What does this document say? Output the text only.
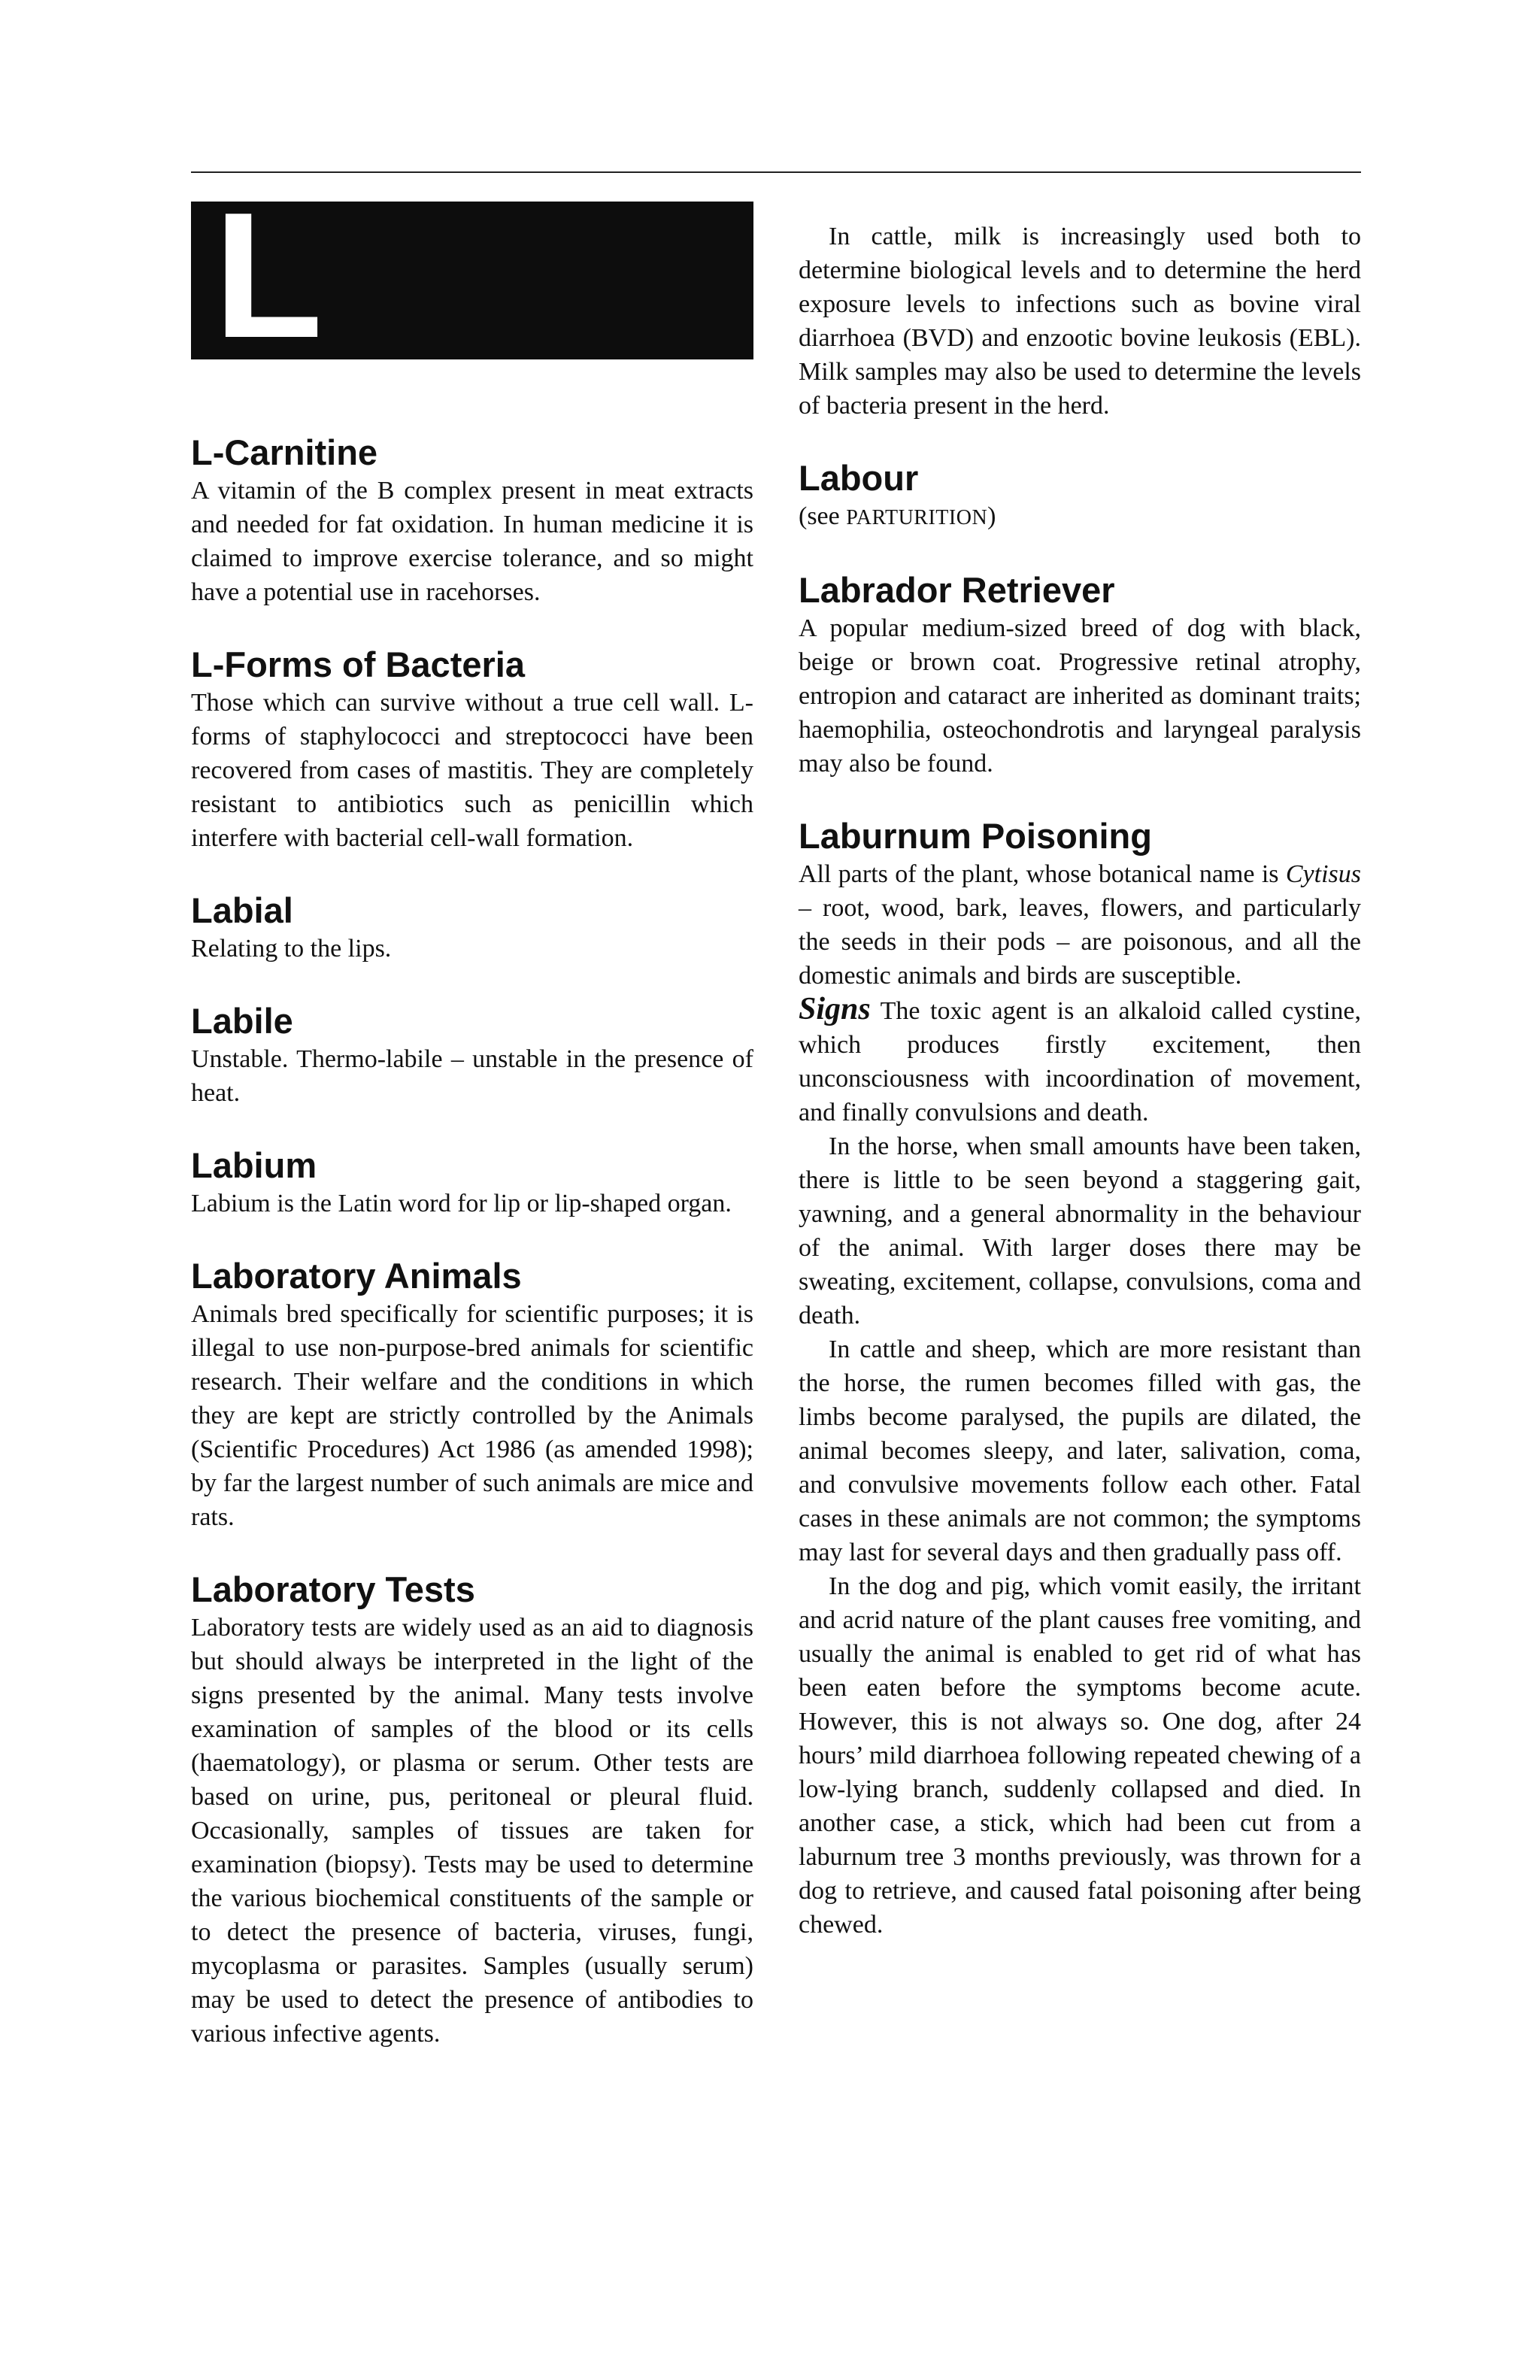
L
L-Carnitine

A vitamin of the B complex present in meat extracts and needed for fat oxidation. In human medicine it is claimed to improve exercise tolerance, and so might have a potential use in racehorses.

L-Forms of Bacteria

Those which can survive without a true cell wall. L-forms of staphylococci and streptococci have been recovered from cases of mastitis. They are completely resistant to antibiotics such as penicillin which interfere with bacterial cell-wall formation.

Labial

Relating to the lips.

Labile

Unstable. Thermo-labile – unstable in the presence of heat.

Labium

Labium is the Latin word for lip or lip-shaped organ.

Laboratory Animals

Animals bred specifically for scientific purposes; it is illegal to use non-purpose-bred animals for scientific research. Their welfare and the conditions in which they are kept are strictly controlled by the Animals (Scientific Procedures) Act 1986 (as amended 1998); by far the largest number of such animals are mice and rats.

Laboratory Tests

Laboratory tests are widely used as an aid to diagnosis but should always be interpreted in the light of the signs presented by the animal. Many tests involve examination of samples of the blood or its cells (haematology), or plasma or serum. Other tests are based on urine, pus, peritoneal or pleural fluid. Occasionally, samples of tissues are taken for examination (biopsy). Tests may be used to determine the various biochemical constituents of the sample or to detect the presence of bacteria, viruses, fungi, mycoplasma or parasites. Samples (usually serum) may be used to detect the presence of antibodies to various infective agents.

In cattle, milk is increasingly used both to determine biological levels and to determine the herd exposure levels to infections such as bovine viral diarrhoea (BVD) and enzootic bovine leukosis (EBL). Milk samples may also be used to determine the levels of bacteria present in the herd.

Labour

(see PARTURITION)

Labrador Retriever

A popular medium-sized breed of dog with black, beige or brown coat. Progressive retinal atrophy, entropion and cataract are inherited as dominant traits; haemophilia, osteochondrotis and laryngeal paralysis may also be found.

Laburnum Poisoning

All parts of the plant, whose botanical name is Cytisus – root, wood, bark, leaves, flowers, and particularly the seeds in their pods – are poisonous, and all the domestic animals and birds are susceptible.

Signs The toxic agent is an alkaloid called cystine, which produces firstly excitement, then unconsciousness with incoordination of movement, and finally convulsions and death.

In the horse, when small amounts have been taken, there is little to be seen beyond a staggering gait, yawning, and a general abnormality in the behaviour of the animal. With larger doses there may be sweating, excitement, collapse, convulsions, coma and death.

In cattle and sheep, which are more resistant than the horse, the rumen becomes filled with gas, the limbs become paralysed, the pupils are dilated, the animal becomes sleepy, and later, salivation, coma, and convulsive movements follow each other. Fatal cases in these animals are not common; the symptoms may last for several days and then gradually pass off.

In the dog and pig, which vomit easily, the irritant and acrid nature of the plant causes free vomiting, and usually the animal is enabled to get rid of what has been eaten before the symptoms become acute. However, this is not always so. One dog, after 24 hours’ mild diarrhoea following repeated chewing of a low-lying branch, suddenly collapsed and died. In another case, a stick, which had been cut from a laburnum tree 3 months previously, was thrown for a dog to retrieve, and caused fatal poisoning after being chewed.
